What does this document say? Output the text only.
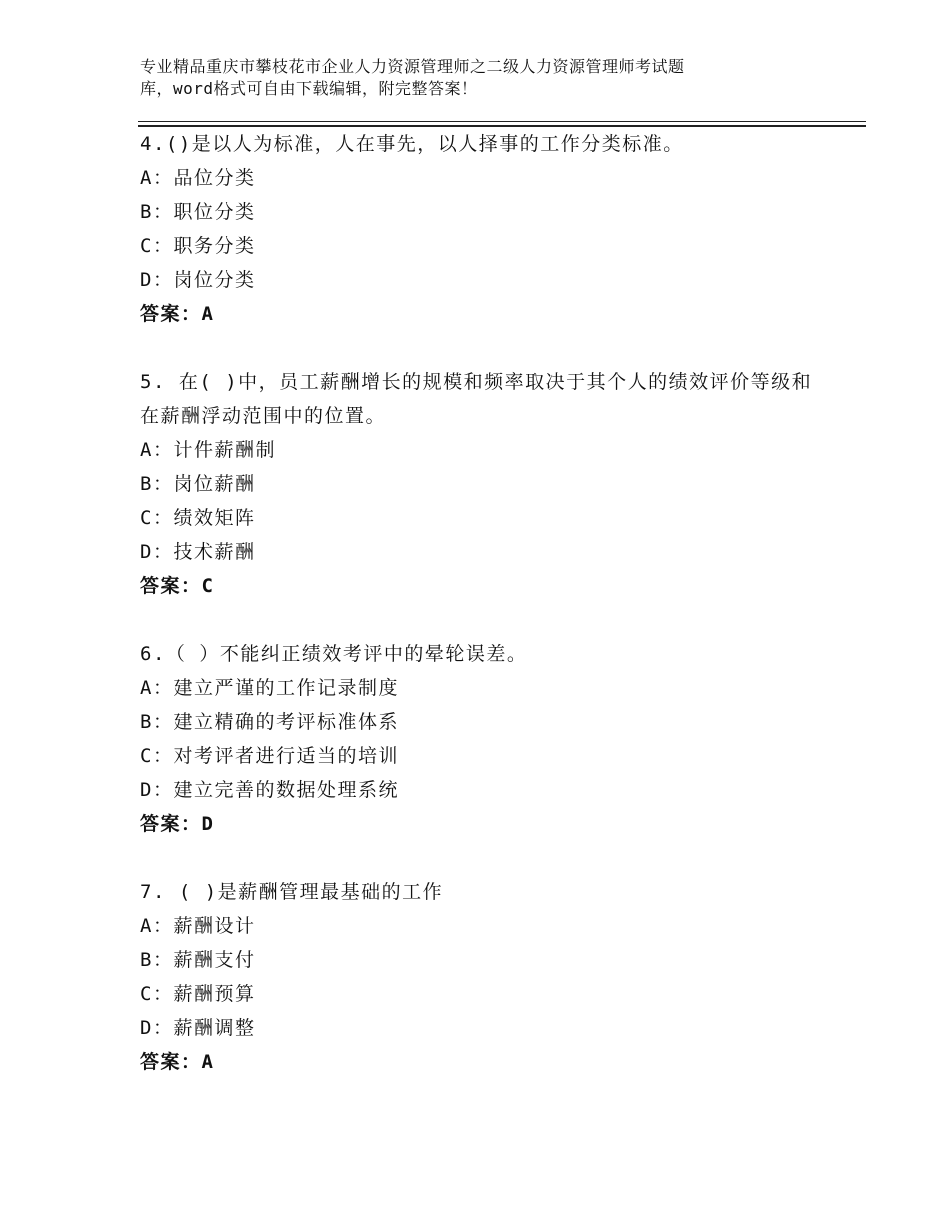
专业精品重庆市攀枝花市企业人力资源管理师之二级人力资源管理师考试题
库，word格式可自由下载编辑，附完整答案！
4.()是以人为标准，人在事先，以人择事的工作分类标准。
A：品位分类
B：职位分类
C：职务分类
D：岗位分类
答案：A
5. 在( )中，员工薪酬增长的规模和频率取决于其个人的绩效评价等级和在薪酬浮动范围中的位置。
A：计件薪酬制
B：岗位薪酬
C：绩效矩阵
D：技术薪酬
答案：C
6.（ ）不能纠正绩效考评中的晕轮误差。
A：建立严谨的工作记录制度
B：建立精确的考评标准体系
C：对考评者进行适当的培训
D：建立完善的数据处理系统
答案：D
7. ( )是薪酬管理最基础的工作
A：薪酬设计
B：薪酬支付
C：薪酬预算
D：薪酬调整
答案：A
